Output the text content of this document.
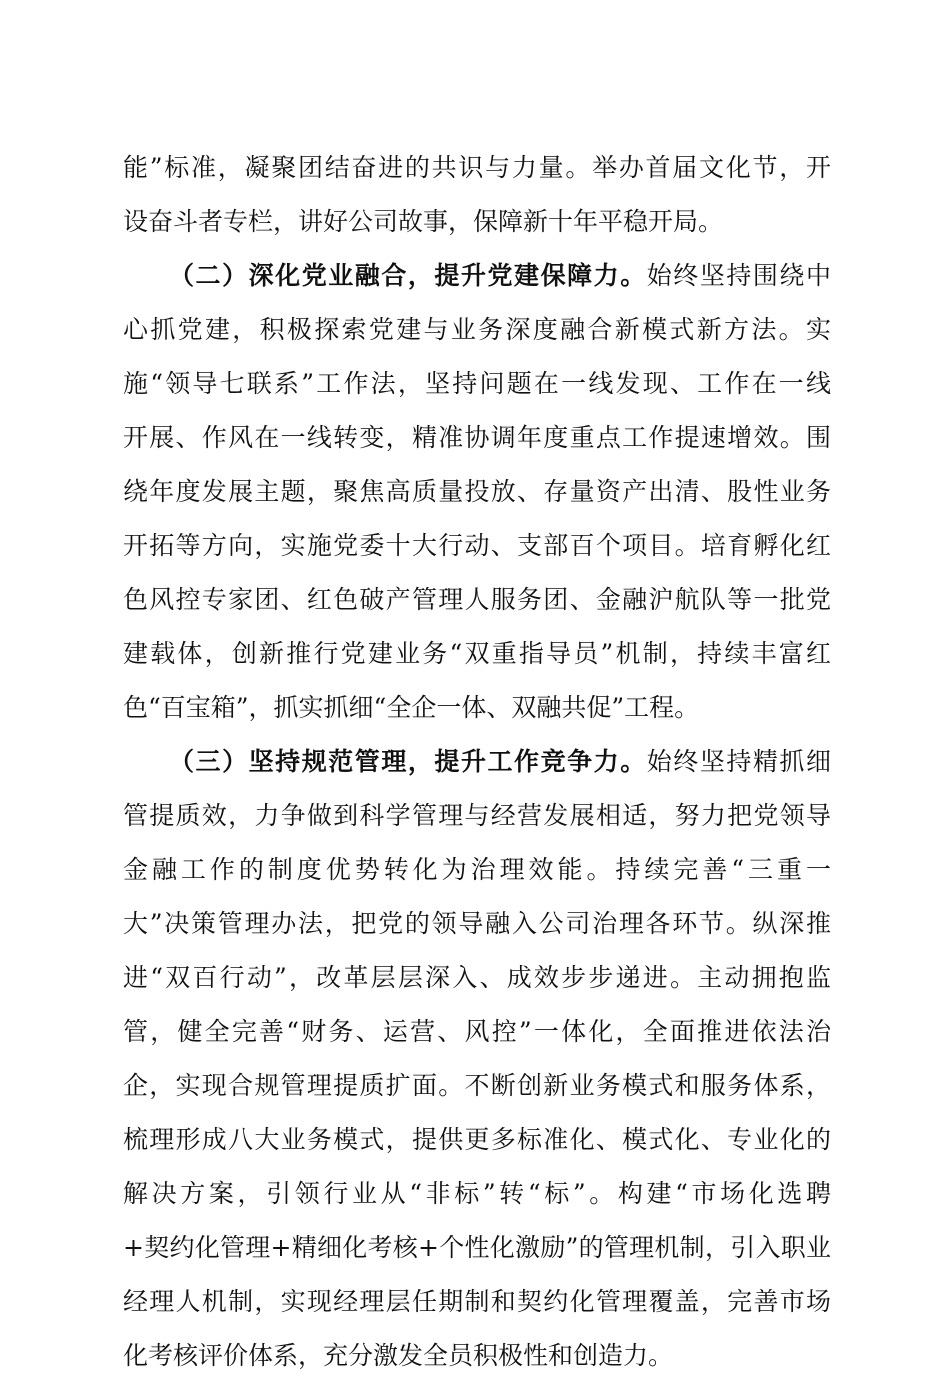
能”标准，凝聚团结奋进的共识与力量。举办首届文化节，开
设奋斗者专栏，讲好公司故事，保障新十年平稳开局。
（二）深化党业融合，提升党建保障力。始终坚持围绕中
心抓党建，积极探索党建与业务深度融合新模式新方法。实
施“领导七联系”工作法，坚持问题在一线发现、工作在一线
开展、作风在一线转变，精准协调年度重点工作提速增效。围
绕年度发展主题，聚焦高质量投放、存量资产出清、股性业务
开拓等方向，实施党委十大行动、支部百个项目。培育孵化红
色风控专家团、红色破产管理人服务团、金融沪航队等一批党
建载体，创新推行党建业务“双重指导员”机制，持续丰富红
色“百宝箱”，抓实抓细“全企一体、双融共促”工程。
（三）坚持规范管理，提升工作竞争力。始终坚持精抓细
管提质效，力争做到科学管理与经营发展相适，努力把党领导
金融工作的制度优势转化为治理效能。持续完善“三重一
大”决策管理办法，把党的领导融入公司治理各环节。纵深推
进“双百行动”，改革层层深入、成效步步递进。主动拥抱监
管，健全完善“财务、运营、风控”一体化，全面推进依法治
企，实现合规管理提质扩面。不断创新业务模式和服务体系，
梳理形成八大业务模式，提供更多标准化、模式化、专业化的
解决方案，引领行业从“非标”转“标”。构建“市场化选聘
+契约化管理+精细化考核+个性化激励”的管理机制，引入职业
经理人机制，实现经理层任期制和契约化管理覆盖，完善市场
化考核评价体系，充分激发全员积极性和创造力。
